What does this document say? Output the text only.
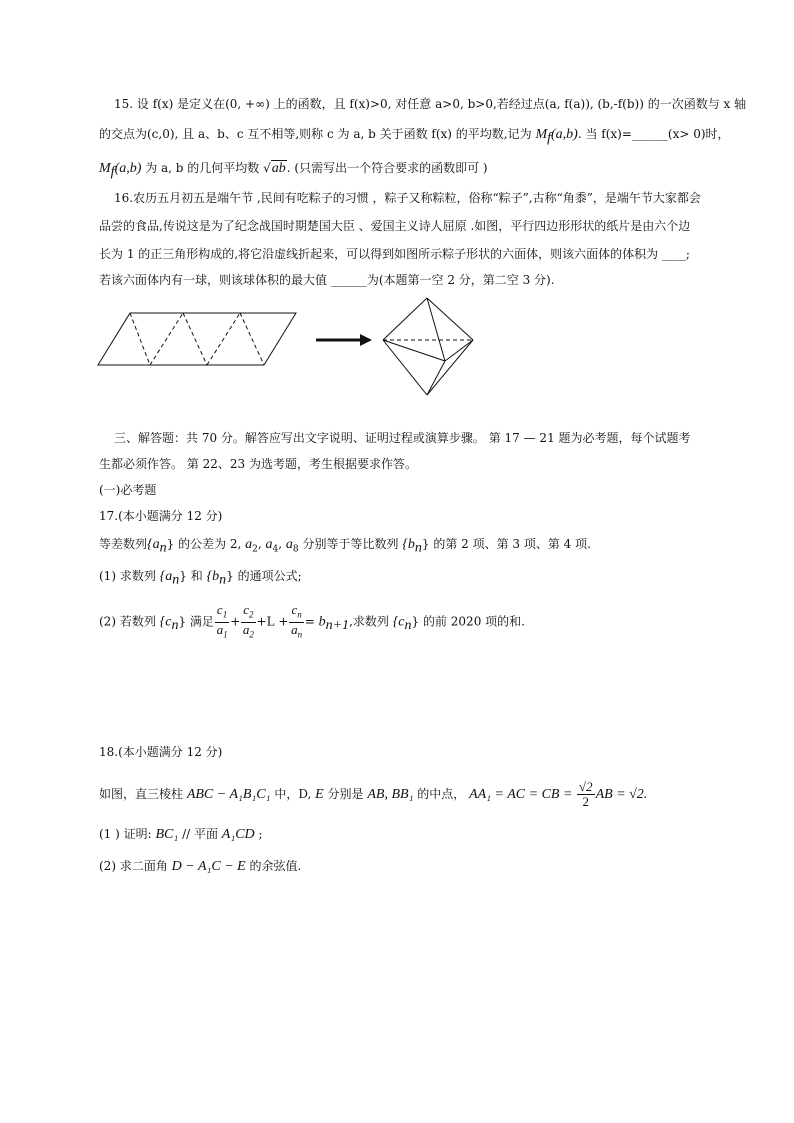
15. 设 f(x) 是定义在(0, +∞) 上的函数，且 f(x)>0, 对任意 a>0, b>0,若经过点(a, f(a)), (b,-f(b)) 的一次函数与 x 轴
的交点为(c,0), 且 a、b、c 互不相等,则称 c 为 a, b 关于函数 f(x) 的平均数,记为 $M_f(a,b)$. 当 f(x)=______(x> 0)时，
$M_f(a,b)$ 为 a, b 的几何平均数 √ab. (只需写出一个符合要求的函数即可 )
16.农历五月初五是端午节 ,民间有吃粽子的习惯 ，粽子又称粽粒，俗称“粽子”,古称“角黍”，是端午节大家都会
品尝的食品,传说这是为了纪念战国时期楚国大臣 、爱国主义诗人屈原 .如图，平行四边形形状的纸片是由六个边
长为 1 的正三角形构成的,将它沿虚线折起来，可以得到如图所示粽子形状的六面体，则该六面体的体积为 ____;
若该六面体内有一球，则该球体积的最大值 ______为(本题第一空 2 分，第二空 3 分).
三、解答题：共 70 分。解答应写出文字说明、证明过程或演算步骤。 第 17 — 21 题为必考题，每个试题考
生都必须作答。 第 22、23 为选考题，考生根据要求作答。
(一)必考题
17.(本小题满分 12 分)
等差数列$\{a_n\}$ 的公差为 2, $a_2$, $a_4$, $a_8$ 分别等于等比数列 $\{b_n\}$ 的第 2 项、第 3 项、第 4 项.
(1) 求数列 $\{a_n\}$ 和 $\{b_n\}$ 的通项公式;
(2) 若数列 $\{c_n\}$ 满足 $\frac{c_1}{a_1} + \frac{c_2}{a_2} +L + \frac{c_n}{a_n} = b_{n+1}$,求数列 $\{c_n\}$ 的前 2020 项的和.
18.(本小题满分 12 分)
如图，直三棱柱 ABC − A₁B₁C₁ 中，D, E 分别是 AB, BB₁ 的中点， AA₁ = AC = CB = $\frac{√2}{2}$ AB = √2.
(1 ) 证明: BC₁ // 平面 A₁CD ;
(2) 求二面角 D − A₁C − E 的余弦值.
